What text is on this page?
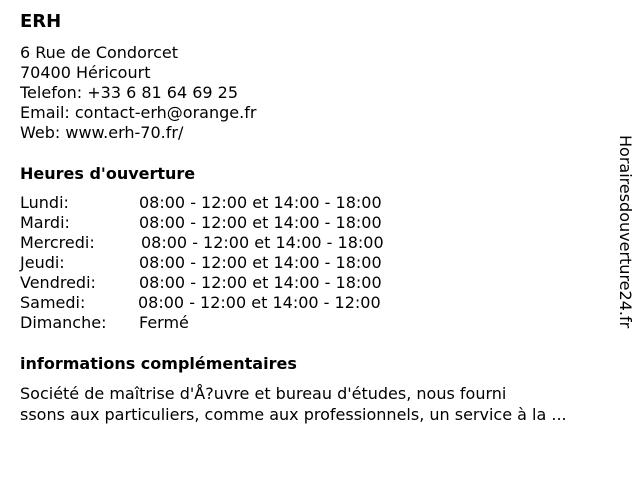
ERH
6 Rue de Condorcet
70400 Héricourt
Telefon: +33 6 81 64 69 25
Email: contact-erh@orange.fr
Web: www.erh-70.fr/
Heures d'ouverture
Lundi:	08:00 - 12:00 et 14:00 - 18:00
Mardi:	08:00 - 12:00 et 14:00 - 18:00
Mercredi:	08:00 - 12:00 et 14:00 - 18:00
Jeudi:	08:00 - 12:00 et 14:00 - 18:00
Vendredi:	08:00 - 12:00 et 14:00 - 18:00
Samedi:	08:00 - 12:00 et 14:00 - 12:00
Dimanche:	Fermé
informations complémentaires
Société de maîtrise d'Å?uvre et bureau d'études, nous fourni
ssons aux particuliers, comme aux professionnels, un service à la ...
Horairesdouverture24.fr
